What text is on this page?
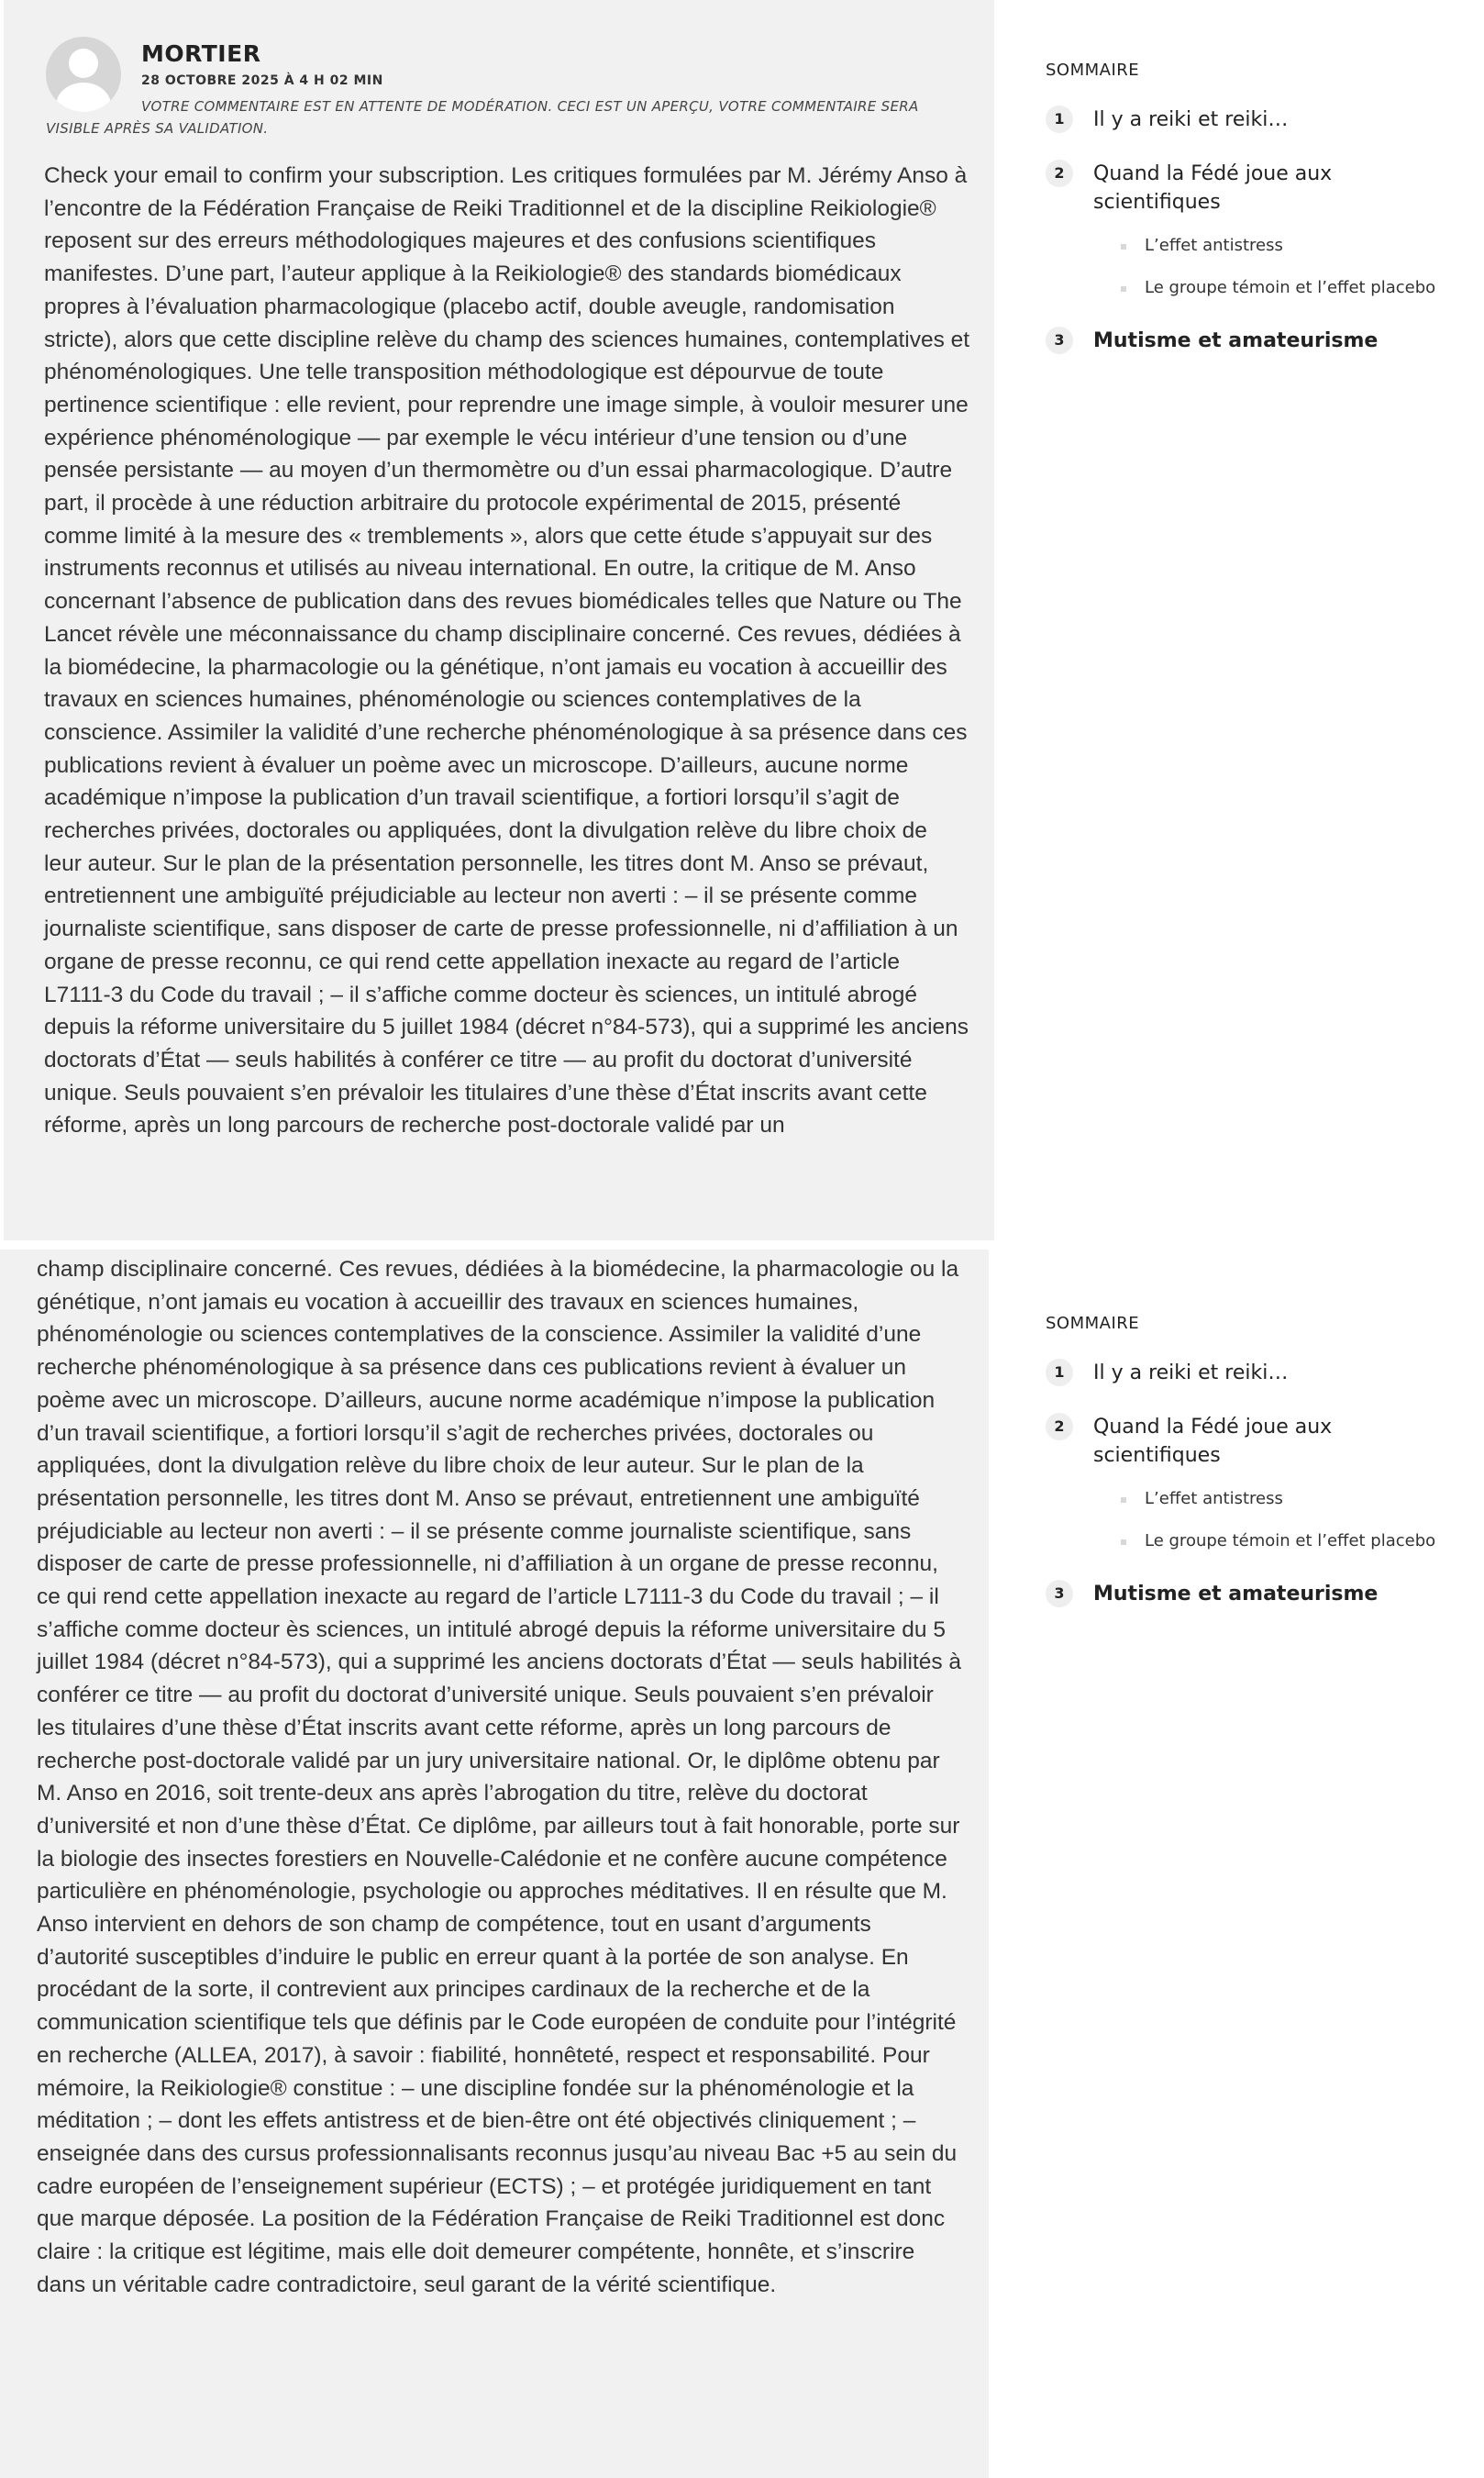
MORTIER
28 OCTOBRE 2025 À 4 H 02 MIN
VOTRE COMMENTAIRE EST EN ATTENTE DE MODÉRATION. CECI EST UN APERÇU, VOTRE COMMENTAIRE SERA VISIBLE APRÈS SA VALIDATION.

Check your email to confirm your subscription. Les critiques formulées par M. Jérémy Anso à l’encontre de la Fédération Française de Reiki Traditionnel et de la discipline Reikiologie® reposent sur des erreurs méthodologiques majeures et des confusions scientifiques manifestes. D’une part, l’auteur applique à la Reikiologie® des standards biomédicaux propres à l’évaluation pharmacologique (placebo actif, double aveugle, randomisation stricte), alors que cette discipline relève du champ des sciences humaines, contemplatives et phénoménologiques. Une telle transposition méthodologique est dépourvue de toute pertinence scientifique : elle revient, pour reprendre une image simple, à vouloir mesurer une expérience phénoménologique — par exemple le vécu intérieur d’une tension ou d’une pensée persistante — au moyen d’un thermomètre ou d’un essai pharmacologique. D’autre part, il procède à une réduction arbitraire du protocole expérimental de 2015, présenté comme limité à la mesure des « tremblements », alors que cette étude s’appuyait sur des instruments reconnus et utilisés au niveau international. En outre, la critique de M. Anso concernant l’absence de publication dans des revues biomédicales telles que Nature ou The Lancet révèle une méconnaissance du champ disciplinaire concerné. Ces revues, dédiées à la biomédecine, la pharmacologie ou la génétique, n’ont jamais eu vocation à accueillir des travaux en sciences humaines, phénoménologie ou sciences contemplatives de la conscience. Assimiler la validité d’une recherche phénoménologique à sa présence dans ces publications revient à évaluer un poème avec un microscope. D’ailleurs, aucune norme académique n’impose la publication d’un travail scientifique, a fortiori lorsqu’il s’agit de recherches privées, doctorales ou appliquées, dont la divulgation relève du libre choix de leur auteur. Sur le plan de la présentation personnelle, les titres dont M. Anso se prévaut, entretiennent une ambiguïté préjudiciable au lecteur non averti : – il se présente comme journaliste scientifique, sans disposer de carte de presse professionnelle, ni d’affiliation à un organe de presse reconnu, ce qui rend cette appellation inexacte au regard de l’article L7111-3 du Code du travail ; – il s’affiche comme docteur ès sciences, un intitulé abrogé depuis la réforme universitaire du 5 juillet 1984 (décret n°84-573), qui a supprimé les anciens doctorats d’État — seuls habilités à conférer ce titre — au profit du doctorat d’université unique. Seuls pouvaient s’en prévaloir les titulaires d’une thèse d’État inscrits avant cette réforme, après un long parcours de recherche post-doctorale validé par un

SOMMAIRE
1	Il y a reiki et reiki…
2	Quand la Fédé joue aux scientifiques
L’effet antistress
Le groupe témoin et l’effet placebo
3	Mutisme et amateurisme

champ disciplinaire concerné. Ces revues, dédiées à la biomédecine, la pharmacologie ou la génétique, n’ont jamais eu vocation à accueillir des travaux en sciences humaines, phénoménologie ou sciences contemplatives de la conscience. Assimiler la validité d’une recherche phénoménologique à sa présence dans ces publications revient à évaluer un poème avec un microscope. D’ailleurs, aucune norme académique n’impose la publication d’un travail scientifique, a fortiori lorsqu’il s’agit de recherches privées, doctorales ou appliquées, dont la divulgation relève du libre choix de leur auteur. Sur le plan de la présentation personnelle, les titres dont M. Anso se prévaut, entretiennent une ambiguïté préjudiciable au lecteur non averti : – il se présente comme journaliste scientifique, sans disposer de carte de presse professionnelle, ni d’affiliation à un organe de presse reconnu, ce qui rend cette appellation inexacte au regard de l’article L7111-3 du Code du travail ; – il s’affiche comme docteur ès sciences, un intitulé abrogé depuis la réforme universitaire du 5 juillet 1984 (décret n°84-573), qui a supprimé les anciens doctorats d’État — seuls habilités à conférer ce titre — au profit du doctorat d’université unique. Seuls pouvaient s’en prévaloir les titulaires d’une thèse d’État inscrits avant cette réforme, après un long parcours de recherche post-doctorale validé par un jury universitaire national. Or, le diplôme obtenu par M. Anso en 2016, soit trente-deux ans après l’abrogation du titre, relève du doctorat d’université et non d’une thèse d’État. Ce diplôme, par ailleurs tout à fait honorable, porte sur la biologie des insectes forestiers en Nouvelle-Calédonie et ne confère aucune compétence particulière en phénoménologie, psychologie ou approches méditatives. Il en résulte que M. Anso intervient en dehors de son champ de compétence, tout en usant d’arguments d’autorité susceptibles d’induire le public en erreur quant à la portée de son analyse. En procédant de la sorte, il contrevient aux principes cardinaux de la recherche et de la communication scientifique tels que définis par le Code européen de conduite pour l’intégrité en recherche (ALLEA, 2017), à savoir : fiabilité, honnêteté, respect et responsabilité. Pour mémoire, la Reikiologie® constitue : – une discipline fondée sur la phénoménologie et la méditation ; – dont les effets antistress et de bien-être ont été objectivés cliniquement ; – enseignée dans des cursus professionnalisants reconnus jusqu’au niveau Bac +5 au sein du cadre européen de l’enseignement supérieur (ECTS) ; – et protégée juridiquement en tant que marque déposée. La position de la Fédération Française de Reiki Traditionnel est donc claire : la critique est légitime, mais elle doit demeurer compétente, honnête, et s’inscrire dans un véritable cadre contradictoire, seul garant de la vérité scientifique.

SOMMAIRE
1	Il y a reiki et reiki…
2	Quand la Fédé joue aux scientifiques
L’effet antistress
Le groupe témoin et l’effet placebo
3	Mutisme et amateurisme
